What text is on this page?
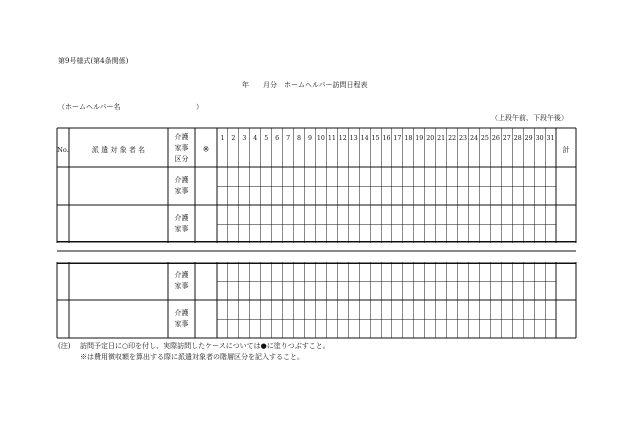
第9号様式(第4条関係)
年　　月分　ホームヘルパー訪問日程表
（ホームヘルパー名	）
（上段午前、下段午後）
介護
家事
介護
家事
介護
家事
介護
家事
No.	派 遣 対 象 者 名
介護
家事
区分
※
1 2 3 4 5 6 7 8 9 10 11 12 13 14 15 16 17 18 19 20 21 22 23 24 25 26 27 28 29 30 31
計
(注) 訪問予定日に○印を付し、実際訪問したケースについては●に塗りつぶすこと。
※は費用徴収額を算出する際に派遣対象者の階層区分を記入すること。
